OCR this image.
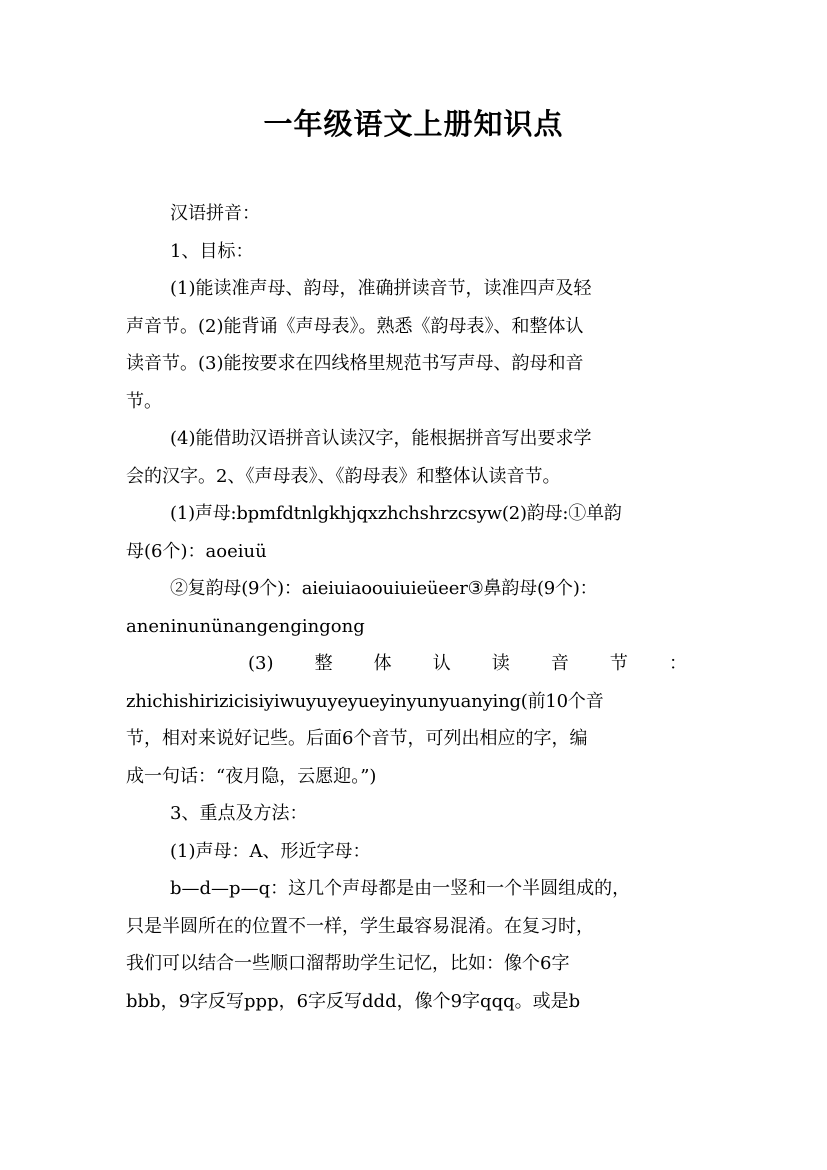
一年级语文上册知识点
汉语拼音：
1、目标：
(1)能读准声母、韵母，准确拼读音节，读准四声及轻
声音节。(2)能背诵《声母表》。熟悉《韵母表》、和整体认
读音节。(3)能按要求在四线格里规范书写声母、韵母和音
节。
(4)能借助汉语拼音认读汉字，能根据拼音写出要求学
会的汉字。2、《声母表》、《韵母表》和整体认读音节。
(1)声母:bpmfdtnlgkhjqxzhchshrzcsyw(2)韵母:①单韵
母(6个)：aoeiuü
②复韵母(9个)：aieiuiaoouiuieüeer③鼻韵母(9个)：
aneninunünangengingong
(3) 整 体 认 读 音 节 ：
zhichishiriziсisiyiwuyuyeyueyinyunyuanying(前10个音
节，相对来说好记些。后面6个音节，可列出相应的字，编
成一句话：“夜月隐，云愿迎。”)
3、重点及方法：
(1)声母：A、形近字母：
b—d—p—q：这几个声母都是由一竖和一个半圆组成的，
只是半圆所在的位置不一样，学生最容易混淆。在复习时，
我们可以结合一些顺口溜帮助学生记忆，比如：像个6字
bbb，9字反写ppp，6字反写ddd，像个9字qqq。或是b
